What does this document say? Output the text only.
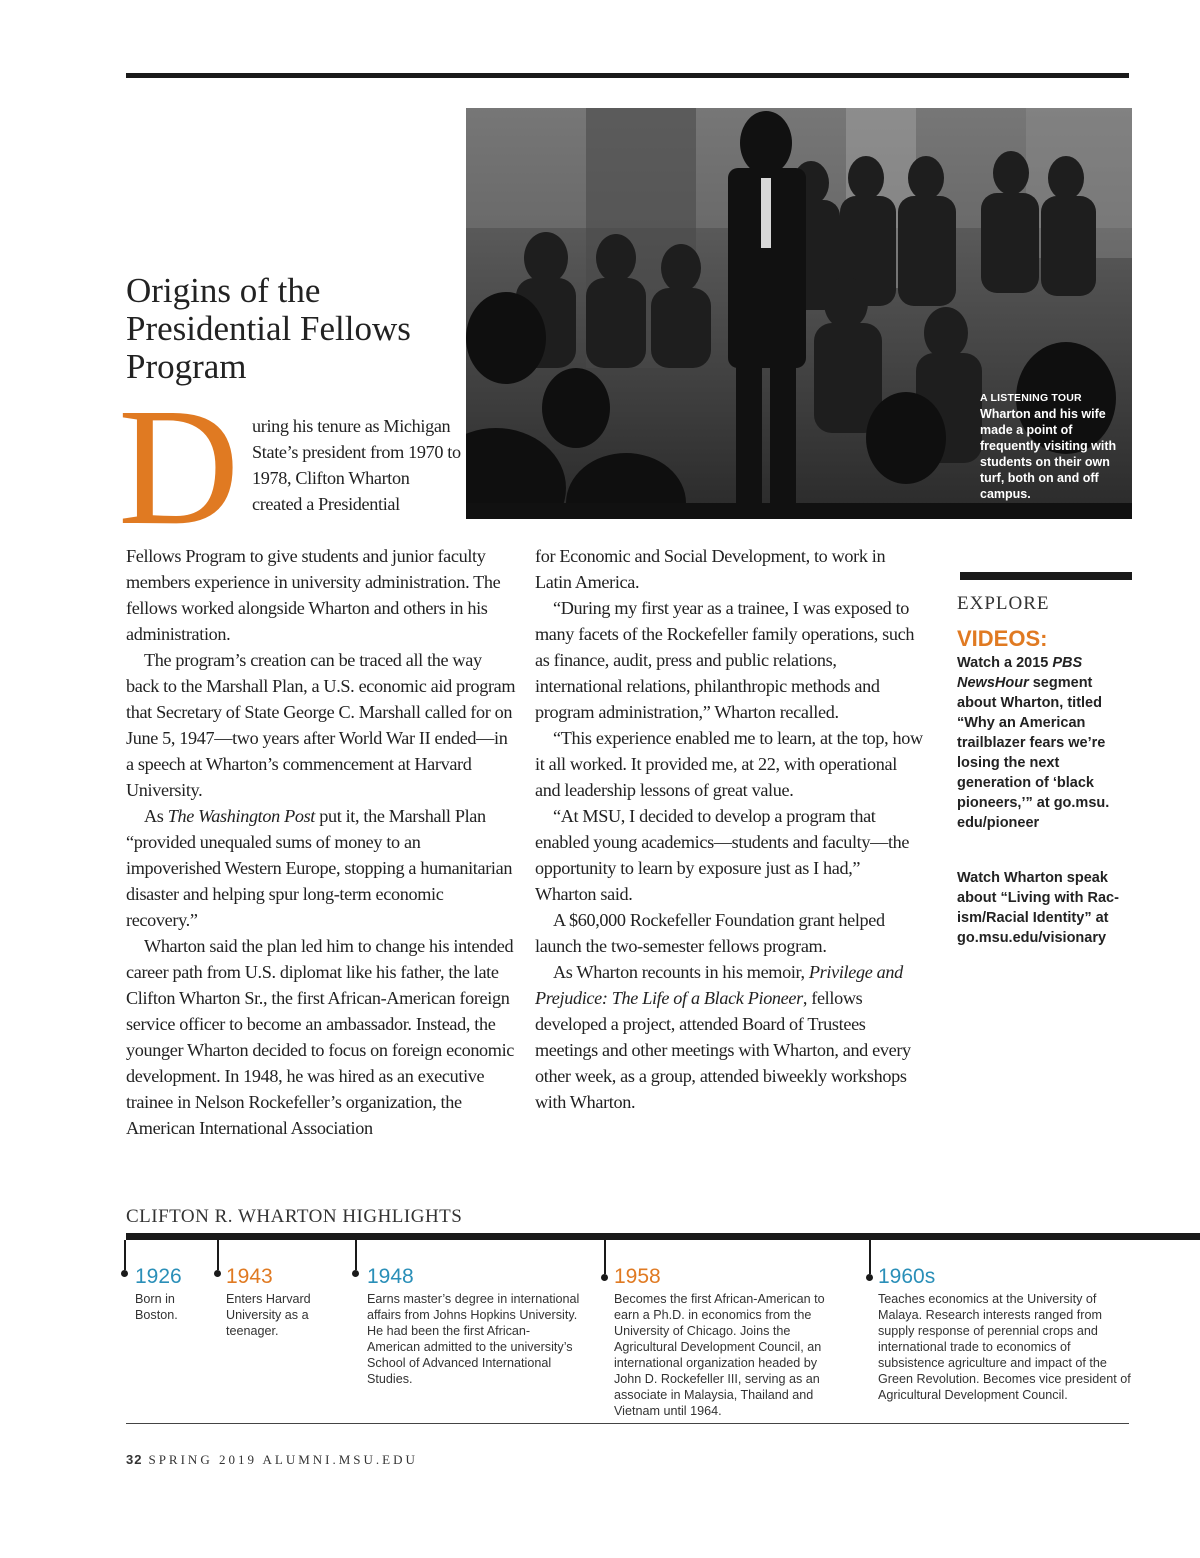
A LISTENING TOUR
Wharton and his wife made a point of frequently visiting with students on their own turf, both on and off campus.
Origins of the Presidential Fellows Program
D uring his tenure as Michigan State’s president from 1970 to 1978, Clifton Wharton created a Presidential

Fellows Program to give students and junior faculty members experience in university administration. The fellows worked alongside Wharton and others in his administration.

The program’s creation can be traced all the way back to the Marshall Plan, a U.S. economic aid program that Secretary of State George C. Marshall called for on June 5, 1947—two years after World War II ended—in a speech at Wharton’s commencement at Harvard University.

As The Washington Post put it, the Marshall Plan “provided unequaled sums of money to an impoverished Western Europe, stopping a humanitarian disaster and helping spur long-term economic recovery.”

Wharton said the plan led him to change his intended career path from U.S. diplomat like his father, the late Clifton Wharton Sr., the first African-American foreign service officer to become an ambassador. Instead, the younger Wharton decided to focus on foreign economic development. In 1948, he was hired as an executive trainee in Nelson Rockefeller’s organization, the American International Association

for Economic and Social Development, to work in Latin America.

“During my first year as a trainee, I was exposed to many facets of the Rockefeller family operations, such as finance, audit, press and public relations, international relations, philanthropic methods and program administration,” Wharton recalled.

“This experience enabled me to learn, at the top, how it all worked. It provided me, at 22, with operational and leadership lessons of great value.

“At MSU, I decided to develop a program that enabled young academics—students and faculty—the opportunity to learn by exposure just as I had,” Wharton said.

A $60,000 Rockefeller Foundation grant helped launch the two-semester fellows program.

As Wharton recounts in his memoir, Privilege and Prejudice: The Life of a Black Pioneer, fellows developed a project, attended Board of Trustees meetings and other meetings with Wharton, and every other week, as a group, attended biweekly workshops with Wharton.

EXPLORE
VIDEOS:
Watch a 2015 PBS NewsHour segment about Wharton, titled “Why an American trailblazer fears we’re losing the next generation of ‘black pioneers,’” at go.msu. edu/pioneer
Watch Wharton speak about “Living with Racism/Racial Identity” at go.msu.edu/visionary
CLIFTON R. WHARTON HIGHLIGHTS
1926
Born in Boston.
1943
Enters Harvard University as a teenager.
1948
Earns master’s degree in international affairs from Johns Hopkins University. He had been the first African-American admitted to the university’s School of Advanced International Studies.
1958
Becomes the first African-American to earn a Ph.D. in economics from the University of Chicago. Joins the Agricultural Development Council, an international organization headed by John D. Rockefeller III, serving as an associate in Malaysia, Thailand and Vietnam until 1964.
1960s
Teaches economics at the University of Malaya. Research interests ranged from supply response of perennial crops and international trade to economics of subsistence agriculture and impact of the Green Revolution. Becomes vice president of Agricultural Development Council.
32 SPRING 2019 ALUMNI.MSU.EDU
